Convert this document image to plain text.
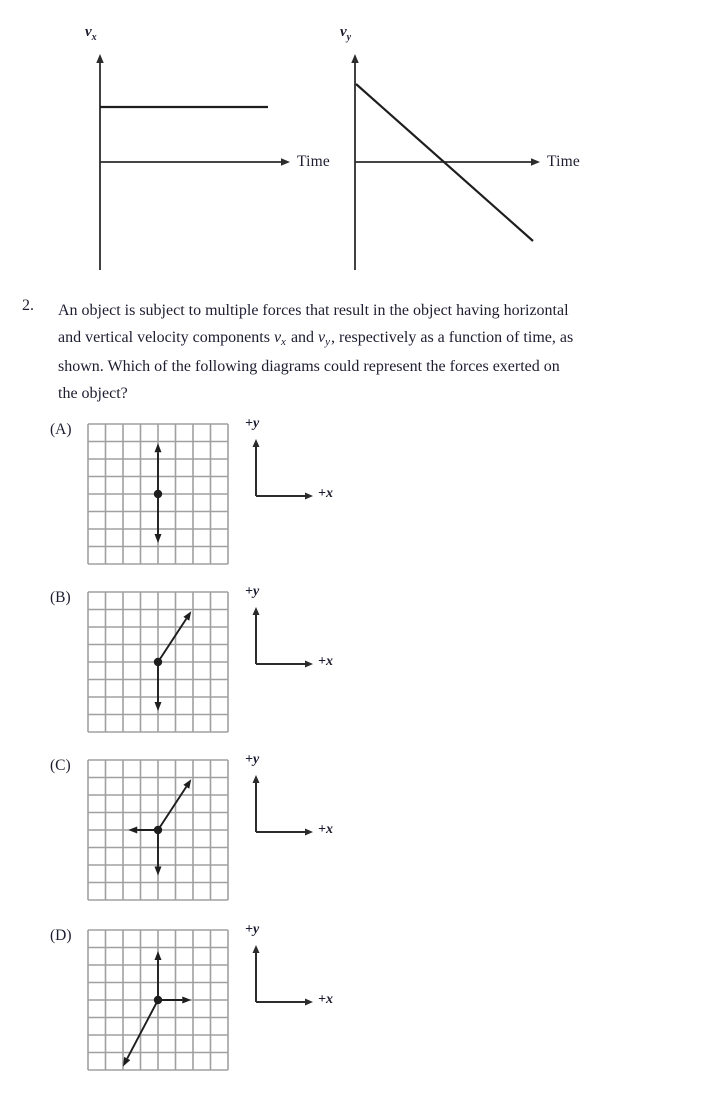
$v_x$
Time
$v_y$
Time
2. An object is subject to multiple forces that result in the object having horizontal
and vertical velocity components vx and vy, respectively as a function of time, as
shown. Which of the following diagrams could represent the forces exerted on
the object?
(A)	+y
+x
(B)	+y
+x
(C)	+y
+x
(D)	+y
+x
